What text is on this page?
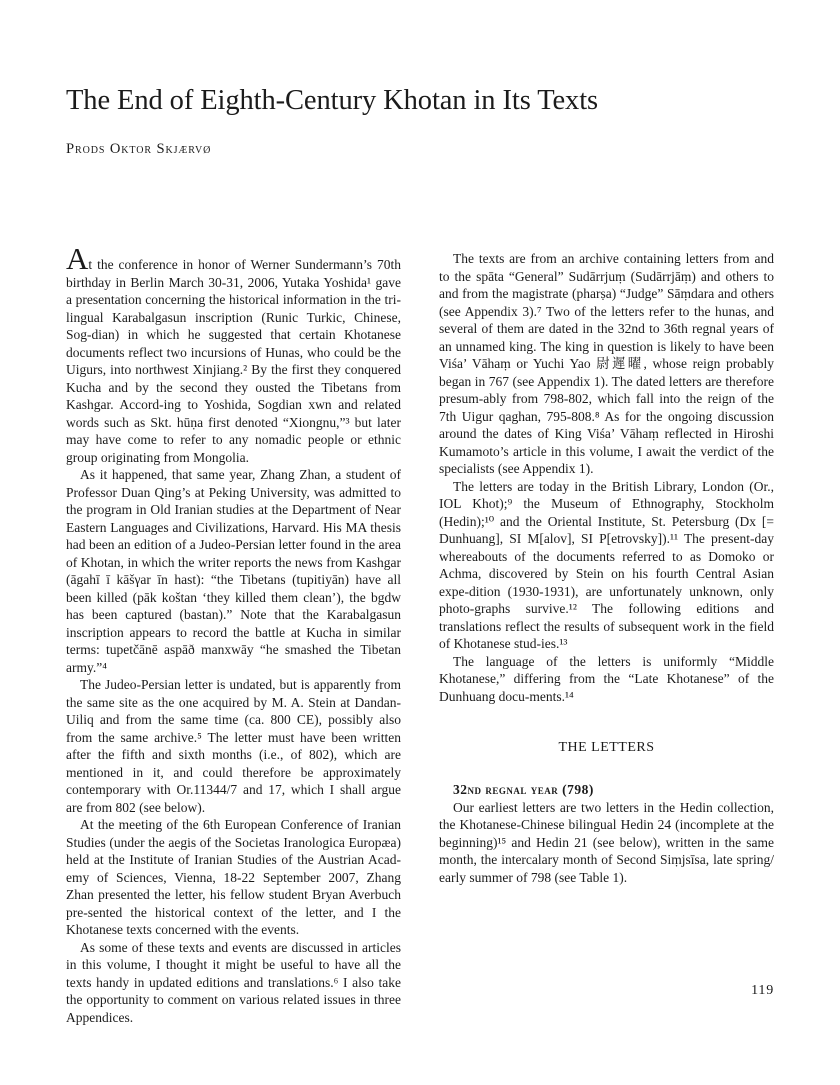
The End of Eighth-Century Khotan in Its Texts
Prods Oktor Skjærvø

At the conference in honor of Werner Sundermann’s 70th birthday in Berlin March 30-31, 2006, Yutaka Yoshida¹ gave a presentation concerning the historical information in the tri-lingual Karabalgasun inscription (Runic Turkic, Chinese, Sog-dian) in which he suggested that certain Khotanese documents reflect two incursions of Hunas, who could be the Uigurs, into northwest Xinjiang.² By the first they conquered Kucha and by the second they ousted the Tibetans from Kashgar. Accord-ing to Yoshida, Sogdian xwn and related words such as Skt. hūṇa first denoted “Xiongnu,”³ but later may have come to refer to any nomadic people or ethnic group originating from Mongolia.

As it happened, that same year, Zhang Zhan, a student of Professor Duan Qing’s at Peking University, was admitted to the program in Old Iranian studies at the Department of Near Eastern Languages and Civilizations, Harvard. His MA thesis had been an edition of a Judeo-Persian letter found in the area of Khotan, in which the writer reports the news from Kashgar (āgahī ī kāšγar īn hast): “the Tibetans (tupitiyān) have all been killed (pāk koštan ‘they killed them clean’), the bgdw has been captured (bastan).” Note that the Karabalgasun inscription appears to record the battle at Kucha in similar terms: tupetčānē aspāð manxwāy “he smashed the Tibetan army.”⁴

The Judeo-Persian letter is undated, but is apparently from the same site as the one acquired by M. A. Stein at Dandan-Uiliq and from the same time (ca. 800 CE), possibly also from the same archive.⁵ The letter must have been written after the fifth and sixth months (i.e., of 802), which are mentioned in it, and could therefore be approximately contemporary with Or.11344/7 and 17, which I shall argue are from 802 (see below).

At the meeting of the 6th European Conference of Iranian Studies (under the aegis of the Societas Iranologica Europæa) held at the Institute of Iranian Studies of the Austrian Acad-emy of Sciences, Vienna, 18-22 September 2007, Zhang Zhan presented the letter, his fellow student Bryan Averbuch pre-sented the historical context of the letter, and I the Khotanese texts concerned with the events.

As some of these texts and events are discussed in articles in this volume, I thought it might be useful to have all the texts handy in updated editions and translations.⁶ I also take the opportunity to comment on various related issues in three Appendices.

The texts are from an archive containing letters from and to the spāta “General” Sudārrjuṃ (Sudārrjāṃ) and others to and from the magistrate (pharṣa) “Judge” Sāṃdara and others (see Appendix 3).⁷ Two of the letters refer to the hunas, and several of them are dated in the 32nd to 36th regnal years of an unnamed king. The king in question is likely to have been Viśa’ Vāhaṃ or Yuchi Yao 尉遲曜, whose reign probably began in 767 (see Appendix 1). The dated letters are therefore presum-ably from 798-802, which fall into the reign of the 7th Uigur qaghan, 795-808.⁸ As for the ongoing discussion around the dates of King Viśa’ Vāhaṃ reflected in Hiroshi Kumamoto’s article in this volume, I await the verdict of the specialists (see Appendix 1).

The letters are today in the British Library, London (Or., IOL Khot);⁹ the Museum of Ethnography, Stockholm (Hedin);¹⁰ and the Oriental Institute, St. Petersburg (Dx [= Dunhuang], SI M[alov], SI P[etrovsky]).¹¹ The present-day whereabouts of the documents referred to as Domoko or Achma, discovered by Stein on his fourth Central Asian expe-dition (1930-1931), are unfortunately unknown, only photo-graphs survive.¹² The following editions and translations reflect the results of subsequent work in the field of Khotanese stud-ies.¹³

The language of the letters is uniformly “Middle Khotanese,” differing from the “Late Khotanese” of the Dunhuang docu-ments.¹⁴

THE LETTERS

32nd regnal year (798)

Our earliest letters are two letters in the Hedin collection, the Khotanese-Chinese bilingual Hedin 24 (incomplete at the beginning)¹⁵ and Hedin 21 (see below), written in the same month, the intercalary month of Second Siṃjsīsa, late spring/ early summer of 798 (see Table 1).

119
